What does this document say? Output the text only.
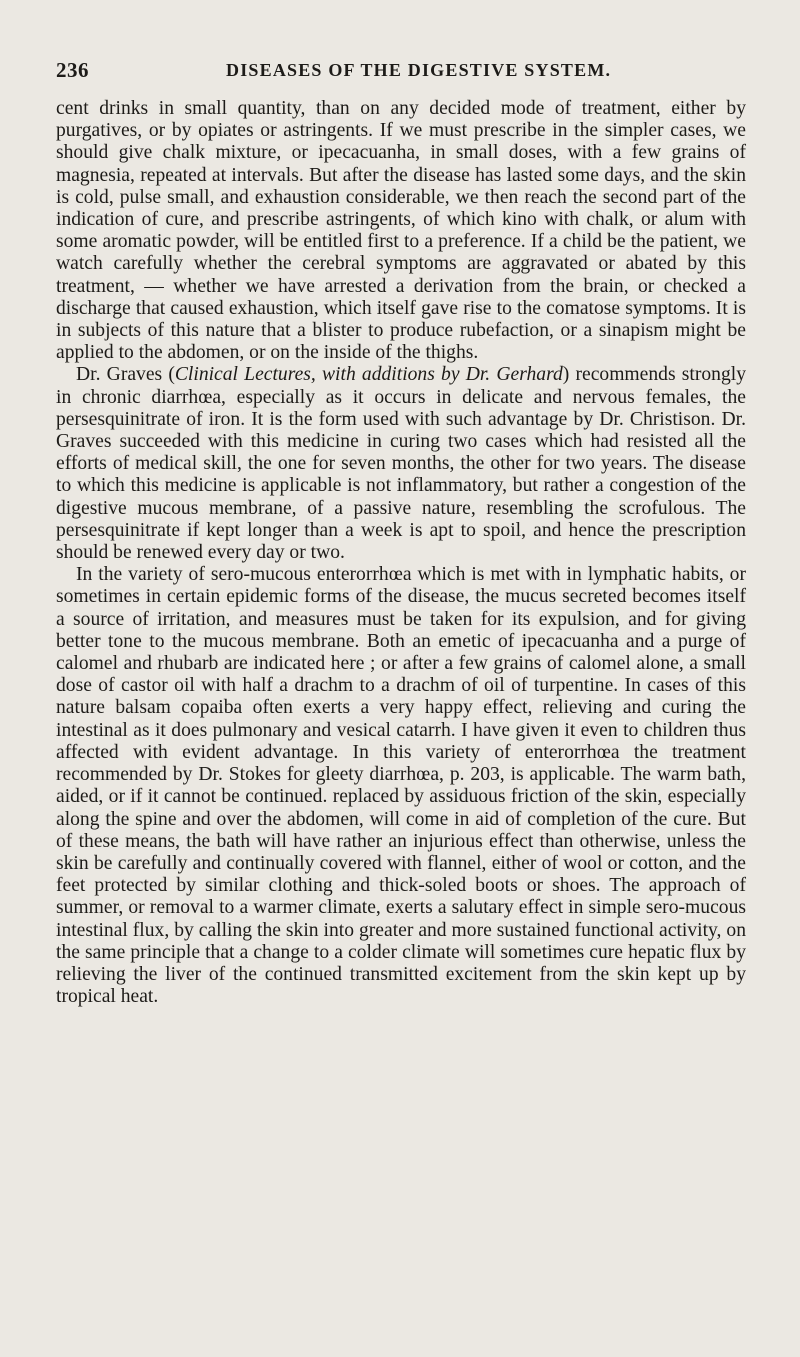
236	DISEASES OF THE DIGESTIVE SYSTEM.

cent drinks in small quantity, than on any decided mode of treatment, either by purgatives, or by opiates or astringents. If we must prescribe in the simpler cases, we should give chalk mixture, or ipecacuanha, in small doses, with a few grains of magnesia, repeated at intervals. But after the disease has lasted some days, and the skin is cold, pulse small, and exhaustion considerable, we then reach the second part of the indication of cure, and prescribe astringents, of which kino with chalk, or alum with some aromatic powder, will be entitled first to a preference. If a child be the patient, we watch carefully whether the cerebral symptoms are aggravated or abated by this treatment, — whether we have arrested a derivation from the brain, or checked a discharge that caused exhaustion, which itself gave rise to the comatose symptoms. It is in subjects of this nature that a blister to produce rubefaction, or a sinapism might be applied to the abdomen, or on the inside of the thighs.

Dr. Graves (Clinical Lectures, with additions by Dr. Gerhard) recommends strongly in chronic diarrhœa, especially as it occurs in delicate and nervous females, the persesquinitrate of iron. It is the form used with such advantage by Dr. Christison. Dr. Graves succeeded with this medicine in curing two cases which had resisted all the efforts of medical skill, the one for seven months, the other for two years. The disease to which this medicine is applicable is not inflammatory, but rather a congestion of the digestive mucous membrane, of a passive nature, resembling the scrofulous. The persesquinitrate if kept longer than a week is apt to spoil, and hence the prescription should be renewed every day or two.

In the variety of sero-mucous enterorrhœa which is met with in lymphatic habits, or sometimes in certain epidemic forms of the disease, the mucus secreted becomes itself a source of irritation, and measures must be taken for its expulsion, and for giving better tone to the mucous membrane. Both an emetic of ipecacuanha and a purge of calomel and rhubarb are indicated here ; or after a few grains of calomel alone, a small dose of castor oil with half a drachm to a drachm of oil of turpentine. In cases of this nature balsam copaiba often exerts a very happy effect, relieving and curing the intestinal as it does pulmonary and vesical catarrh. I have given it even to children thus affected with evident advantage. In this variety of enterorrhœa the treatment recommended by Dr. Stokes for gleety diarrhœa, p. 203, is applicable. The warm bath, aided, or if it cannot be continued. replaced by assiduous friction of the skin, especially along the spine and over the abdomen, will come in aid of completion of the cure. But of these means, the bath will have rather an injurious effect than otherwise, unless the skin be carefully and continually covered with flannel, either of wool or cotton, and the feet protected by similar clothing and thick-soled boots or shoes. The approach of summer, or removal to a warmer climate, exerts a salutary effect in simple sero-mucous intestinal flux, by calling the skin into greater and more sustained functional activity, on the same principle that a change to a colder climate will sometimes cure hepatic flux by relieving the liver of the continued transmitted excitement from the skin kept up by tropical heat.
